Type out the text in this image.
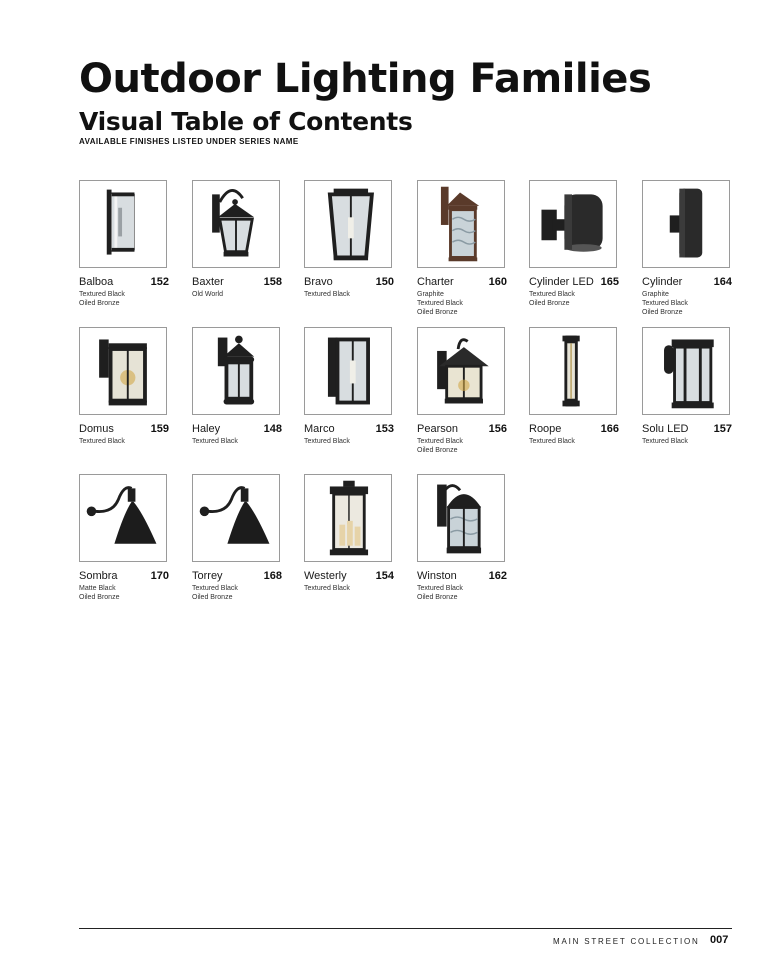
Outdoor Lighting Families
Visual Table of Contents

AVAILABLE FINISHES LISTED UNDER SERIES NAME

Balboa	152
Textured Black
Oiled Bronze
Baxter	158
Old World
Bravo	150
Textured Black
Charter	160
Graphite
Textured Black
Oiled Bronze
Cylinder LED 165
Textured Black
Oiled Bronze
Cylinder	164
Graphite
Textured Black
Oiled Bronze
Domus	159
Textured Black
Haley	148
Textured Black
Marco	153
Textured Black
Pearson	156
Textured Black
Oiled Bronze
Roope	166
Textured Black
Solu LED 157
Textured Black
Sombra	170
Matte Black
Oiled Bronze
Torrey	168
Textured Black
Oiled Bronze
Westerly	154
Textured Black
Winston	162
Textured Black
Oiled Bronze
MAIN STREET COLLECTION 007
